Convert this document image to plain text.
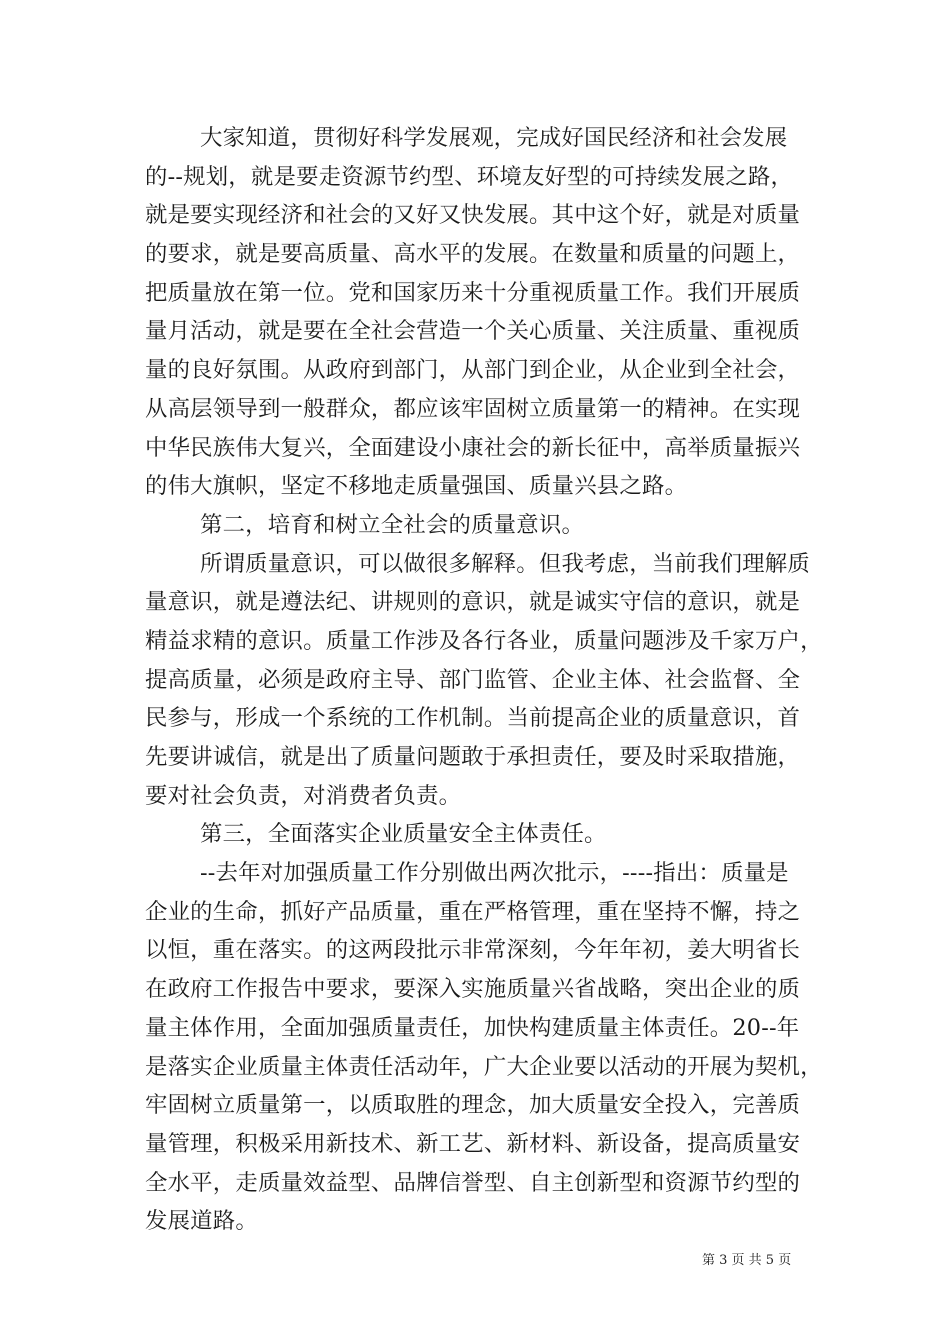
大家知道，贯彻好科学发展观，完成好国民经济和社会发展
的--规划，就是要走资源节约型、环境友好型的可持续发展之路，
就是要实现经济和社会的又好又快发展。其中这个好，就是对质量
的要求，就是要高质量、高水平的发展。在数量和质量的问题上，
把质量放在第一位。党和国家历来十分重视质量工作。我们开展质
量月活动，就是要在全社会营造一个关心质量、关注质量、重视质
量的良好氛围。从政府到部门，从部门到企业，从企业到全社会，
从高层领导到一般群众，都应该牢固树立质量第一的精神。在实现
中华民族伟大复兴，全面建设小康社会的新长征中，高举质量振兴
的伟大旗帜，坚定不移地走质量强国、质量兴县之路。
第二，培育和树立全社会的质量意识。
所谓质量意识，可以做很多解释。但我考虑，当前我们理解质
量意识，就是遵法纪、讲规则的意识，就是诚实守信的意识，就是
精益求精的意识。质量工作涉及各行各业，质量问题涉及千家万户，
提高质量，必须是政府主导、部门监管、企业主体、社会监督、全
民参与，形成一个系统的工作机制。当前提高企业的质量意识，首
先要讲诚信，就是出了质量问题敢于承担责任，要及时采取措施，
要对社会负责，对消费者负责。
第三，全面落实企业质量安全主体责任。
--去年对加强质量工作分别做出两次批示，----指出：质量是
企业的生命，抓好产品质量，重在严格管理，重在坚持不懈，持之
以恒，重在落实。的这两段批示非常深刻，今年年初，姜大明省长
在政府工作报告中要求，要深入实施质量兴省战略，突出企业的质
量主体作用，全面加强质量责任，加快构建质量主体责任。20--年
是落实企业质量主体责任活动年，广大企业要以活动的开展为契机，
牢固树立质量第一，以质取胜的理念，加大质量安全投入，完善质
量管理，积极采用新技术、新工艺、新材料、新设备，提高质量安
全水平，走质量效益型、品牌信誉型、自主创新型和资源节约型的
发展道路。
第 3 页 共 5 页
